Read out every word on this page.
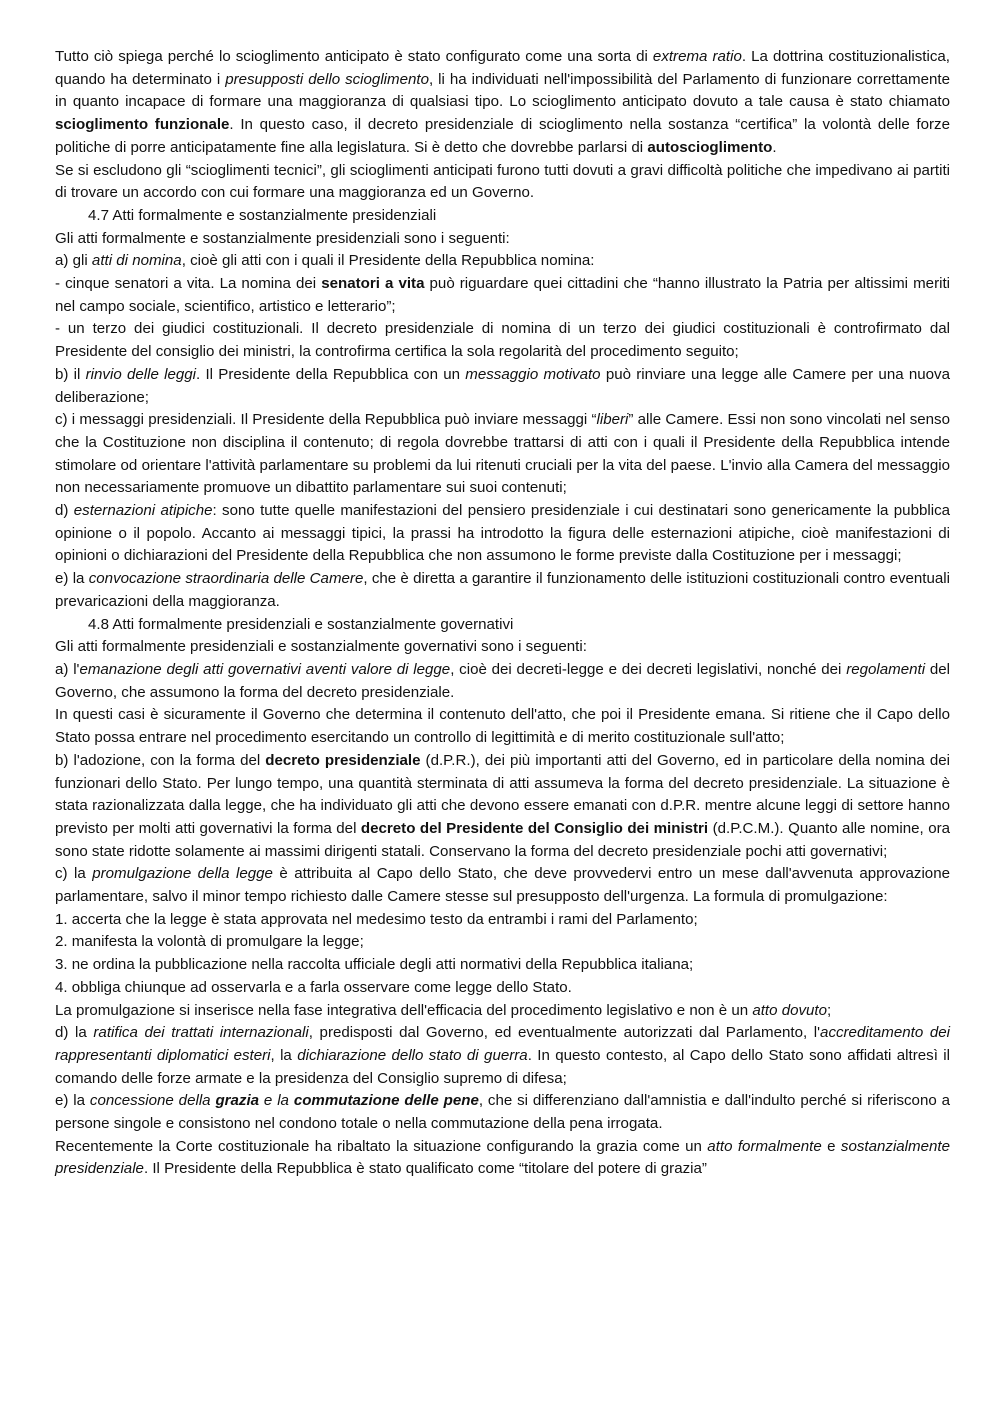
Tutto ciò spiega perché lo scioglimento anticipato è stato configurato come una sorta di extrema ratio. La dottrina costituzionalistica, quando ha determinato i presupposti dello scioglimento, li ha individuati nell'impossibilità del Parlamento di funzionare correttamente in quanto incapace di formare una maggioranza di qualsiasi tipo. Lo scioglimento anticipato dovuto a tale causa è stato chiamato scioglimento funzionale. In questo caso, il decreto presidenziale di scioglimento nella sostanza “certifica” la volontà delle forze politiche di porre anticipatamente fine alla legislatura. Si è detto che dovrebbe parlarsi di autoscioglimento.

Se si escludono gli “scioglimenti tecnici”, gli scioglimenti anticipati furono tutti dovuti a gravi difficoltà politiche che impedivano ai partiti di trovare un accordo con cui formare una maggioranza ed un Governo.

4.7 Atti formalmente e sostanzialmente presidenziali

Gli atti formalmente e sostanzialmente presidenziali sono i seguenti:

a) gli atti di nomina, cioè gli atti con i quali il Presidente della Repubblica nomina:

- cinque senatori a vita. La nomina dei senatori a vita può riguardare quei cittadini che “hanno illustrato la Patria per altissimi meriti nel campo sociale, scientifico, artistico e letterario”;

- un terzo dei giudici costituzionali. Il decreto presidenziale di nomina di un terzo dei giudici costituzionali è controfirmato dal Presidente del consiglio dei ministri, la controfirma certifica la sola regolarità del procedimento seguito;

b) il rinvio delle leggi. Il Presidente della Repubblica con un messaggio motivato può rinviare una legge alle Camere per una nuova deliberazione;

c) i messaggi presidenziali. Il Presidente della Repubblica può inviare messaggi “liberi” alle Camere. Essi non sono vincolati nel senso che la Costituzione non disciplina il contenuto; di regola dovrebbe trattarsi di atti con i quali il Presidente della Repubblica intende stimolare od orientare l'attività parlamentare su problemi da lui ritenuti cruciali per la vita del paese. L'invio alla Camera del messaggio non necessariamente promuove un dibattito parlamentare sui suoi contenuti;

d) esternazioni atipiche: sono tutte quelle manifestazioni del pensiero presidenziale i cui destinatari sono genericamente la pubblica opinione o il popolo. Accanto ai messaggi tipici, la prassi ha introdotto la figura delle esternazioni atipiche, cioè manifestazioni di opinioni o dichiarazioni del Presidente della Repubblica che non assumono le forme previste dalla Costituzione per i messaggi;

e) la convocazione straordinaria delle Camere, che è diretta a garantire il funzionamento delle istituzioni costituzionali contro eventuali prevaricazioni della maggioranza.

4.8 Atti formalmente presidenziali e sostanzialmente governativi

Gli atti formalmente presidenziali e sostanzialmente governativi sono i seguenti:

a) l'emanazione degli atti governativi aventi valore di legge, cioè dei decreti-legge e dei decreti legislativi, nonché dei regolamenti del Governo, che assumono la forma del decreto presidenziale.

In questi casi è sicuramente il Governo che determina il contenuto dell'atto, che poi il Presidente emana. Si ritiene che il Capo dello Stato possa entrare nel procedimento esercitando un controllo di legittimità e di merito costituzionale sull'atto;

b) l'adozione, con la forma del decreto presidenziale (d.P.R.), dei più importanti atti del Governo, ed in particolare della nomina dei funzionari dello Stato. Per lungo tempo, una quantità sterminata di atti assumeva la forma del decreto presidenziale. La situazione è stata razionalizzata dalla legge, che ha individuato gli atti che devono essere emanati con d.P.R. mentre alcune leggi di settore hanno previsto per molti atti governativi la forma del decreto del Presidente del Consiglio dei ministri (d.P.C.M.). Quanto alle nomine, ora sono state ridotte solamente ai massimi dirigenti statali. Conservano la forma del decreto presidenziale pochi atti governativi;

c) la promulgazione della legge è attribuita al Capo dello Stato, che deve provvedervi entro un mese dall'avvenuta approvazione parlamentare, salvo il minor tempo richiesto dalle Camere stesse sul presupposto dell'urgenza. La formula di promulgazione:

1. accerta che la legge è stata approvata nel medesimo testo da entrambi i rami del Parlamento;

2. manifesta la volontà di promulgare la legge;

3. ne ordina la pubblicazione nella raccolta ufficiale degli atti normativi della Repubblica italiana;

4. obbliga chiunque ad osservarla e a farla osservare come legge dello Stato.

La promulgazione si inserisce nella fase integrativa dell'efficacia del procedimento legislativo e non è un atto dovuto;

d) la ratifica dei trattati internazionali, predisposti dal Governo, ed eventualmente autorizzati dal Parlamento, l'accreditamento dei rappresentanti diplomatici esteri, la dichiarazione dello stato di guerra. In questo contesto, al Capo dello Stato sono affidati altresì il comando delle forze armate e la presidenza del Consiglio supremo di difesa;

e) la concessione della grazia e la commutazione delle pene, che si differenziano dall'amnistia e dall'indulto perché si riferiscono a persone singole e consistono nel condono totale o nella commutazione della pena irrogata.

Recentemente la Corte costituzionale ha ribaltato la situazione configurando la grazia come un atto formalmente e sostanzialmente presidenziale. Il Presidente della Repubblica è stato qualificato come “titolare del potere di grazia”
